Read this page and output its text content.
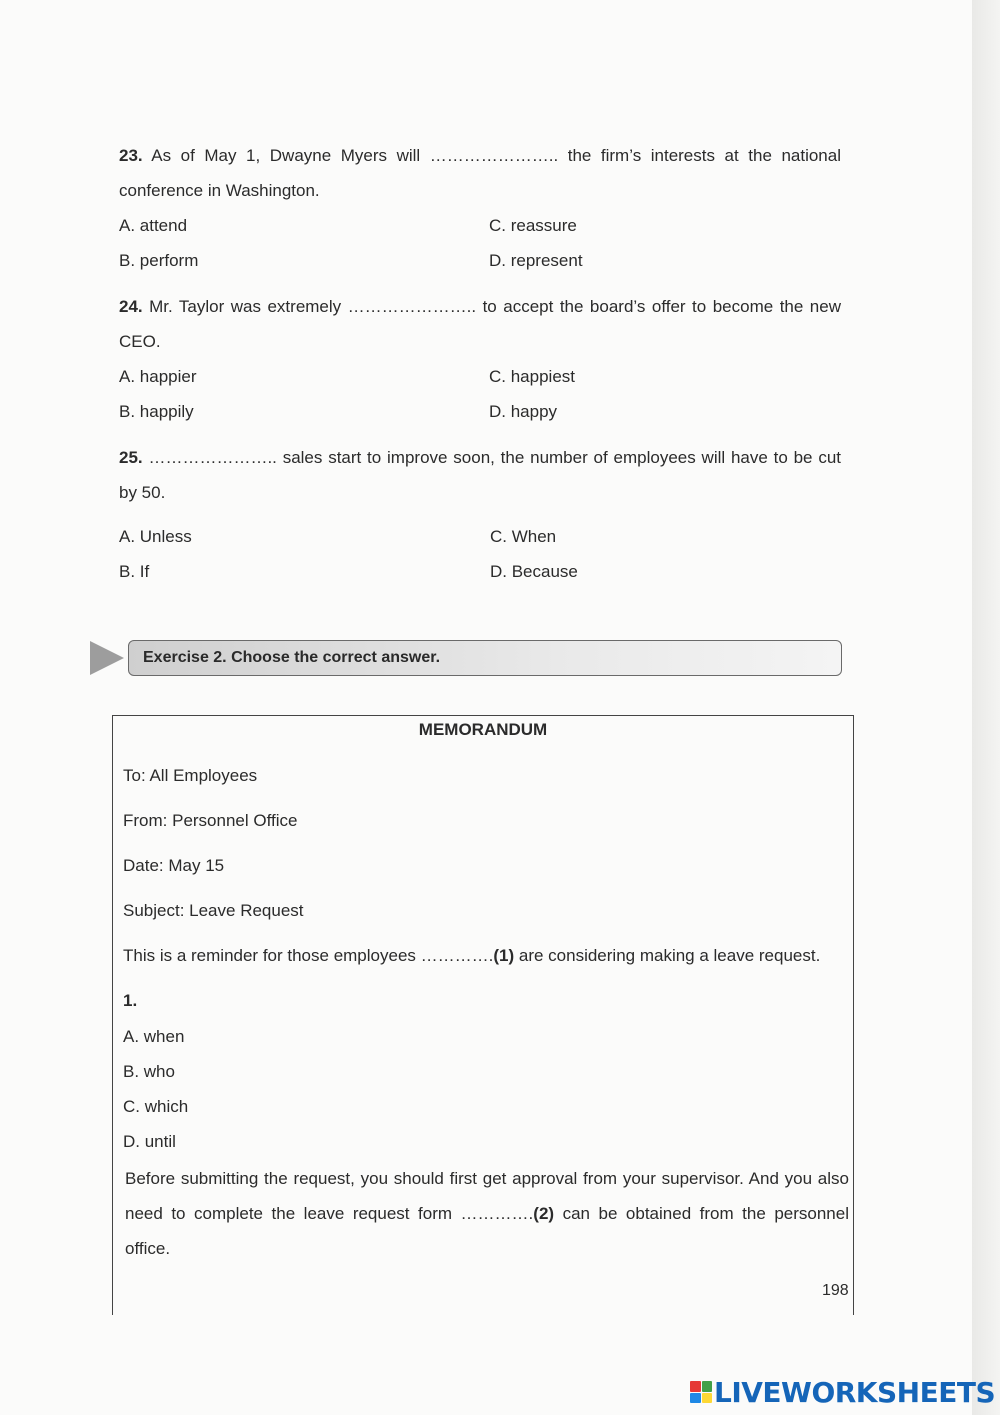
23. As of May 1, Dwayne Myers will ………………….. the firm’s interests at the national conference in Washington.
A. attend	C. reassure
B. perform	D. represent
24. Mr. Taylor was extremely ………………….. to accept the board’s offer to become the new CEO.
A. happier	C. happiest
B. happily	D. happy
25. ………………….. sales start to improve soon, the number of employees will have to be cut by 50.
A. Unless	C. When
B. If	D. Because
Exercise 2. Choose the correct answer.
MEMORANDUM
To: All Employees
From: Personnel Office
Date: May 15
Subject: Leave Request
This is a reminder for those employees ………….(1) are considering making a leave request.
1.
A. when
B. who
C. which
D. until
Before submitting the request, you should first get approval from your supervisor. And you also need to complete the leave request form ………….(2) can be obtained from the personnel office.
198
LIVEWORKSHEETS
